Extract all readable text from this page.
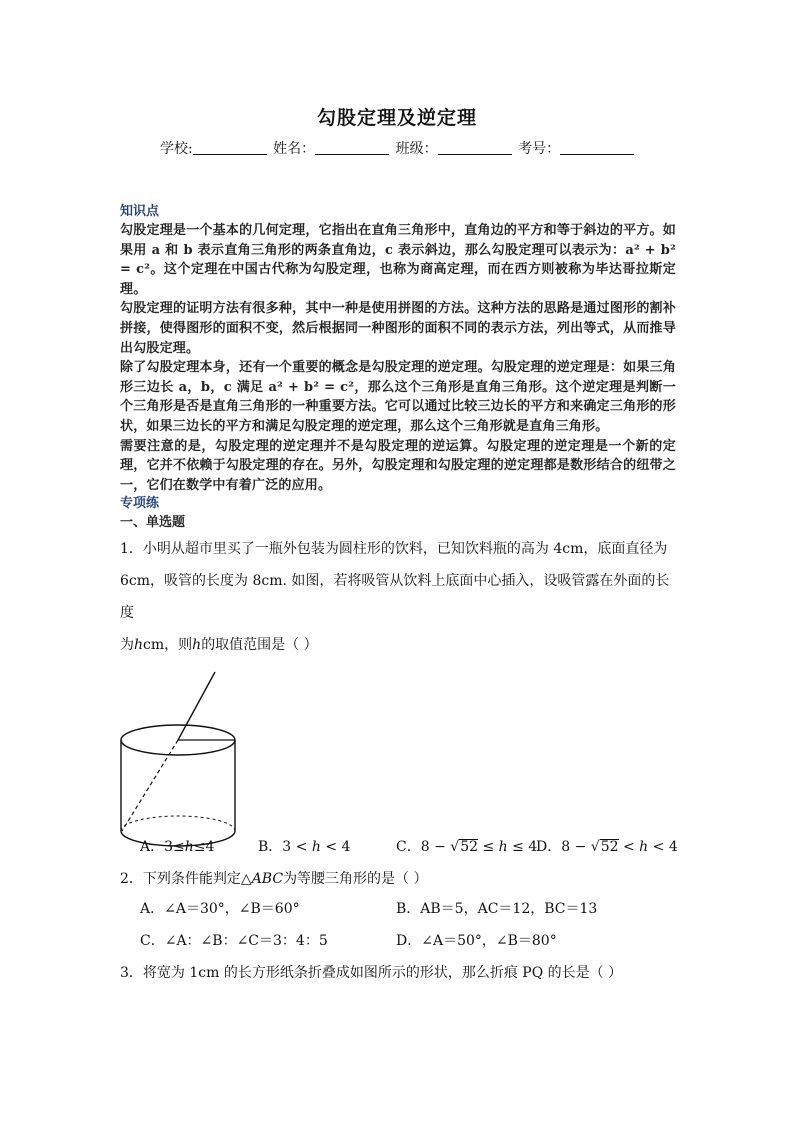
勾股定理及逆定理
学校:	姓名：	班级：	考号：
知识点

勾股定理是一个基本的几何定理，它指出在直角三角形中，直角边的平方和等于斜边的平方。如果用 a 和 b 表示直角三角形的两条直角边，c 表示斜边，那么勾股定理可以表示为：a² + b² = c²。这个定理在中国古代称为勾股定理，也称为商高定理，而在西方则被称为毕达哥拉斯定理。

勾股定理的证明方法有很多种，其中一种是使用拼图的方法。这种方法的思路是通过图形的割补拼接，使得图形的面积不变，然后根据同一种图形的面积不同的表示方法，列出等式，从而推导出勾股定理。

除了勾股定理本身，还有一个重要的概念是勾股定理的逆定理。勾股定理的逆定理是：如果三角形三边长 a，b，c 满足 a² + b² = c²，那么这个三角形是直角三角形。这个逆定理是判断一个三角形是否是直角三角形的一种重要方法。它可以通过比较三边长的平方和来确定三角形的形状，如果三边长的平方和满足勾股定理的逆定理，那么这个三角形就是直角三角形。

需要注意的是，勾股定理的逆定理并不是勾股定理的逆运算。勾股定理的逆定理是一个新的定理，它并不依赖于勾股定理的存在。另外，勾股定理和勾股定理的逆定理都是数形结合的纽带之一，它们在数学中有着广泛的应用。

专项练
一、单选题

1．小明从超市里买了一瓶外包装为圆柱形的饮料，已知饮料瓶的高为 4cm，底面直径为

6cm，吸管的长度为 8cm. 如图，若将吸管从饮料上底面中心插入，设吸管露在外面的长度

为hcm，则h的取值范围是（ ）

A．3≤h≤4	B．3 < h < 4	C．8 − √52 ≤ h ≤ 4
D．8 − √52 < h < 4

2．下列条件能判定△ABC为等腰三角形的是（ ）

A．∠A＝30°，∠B＝60°	B．AB＝5，AC＝12，BC＝13
C．∠A：∠B：∠C＝3：4：5	D．∠A＝50°，∠B＝80°

3．将宽为 1cm 的长方形纸条折叠成如图所示的形状，那么折痕 PQ 的长是（ ）
